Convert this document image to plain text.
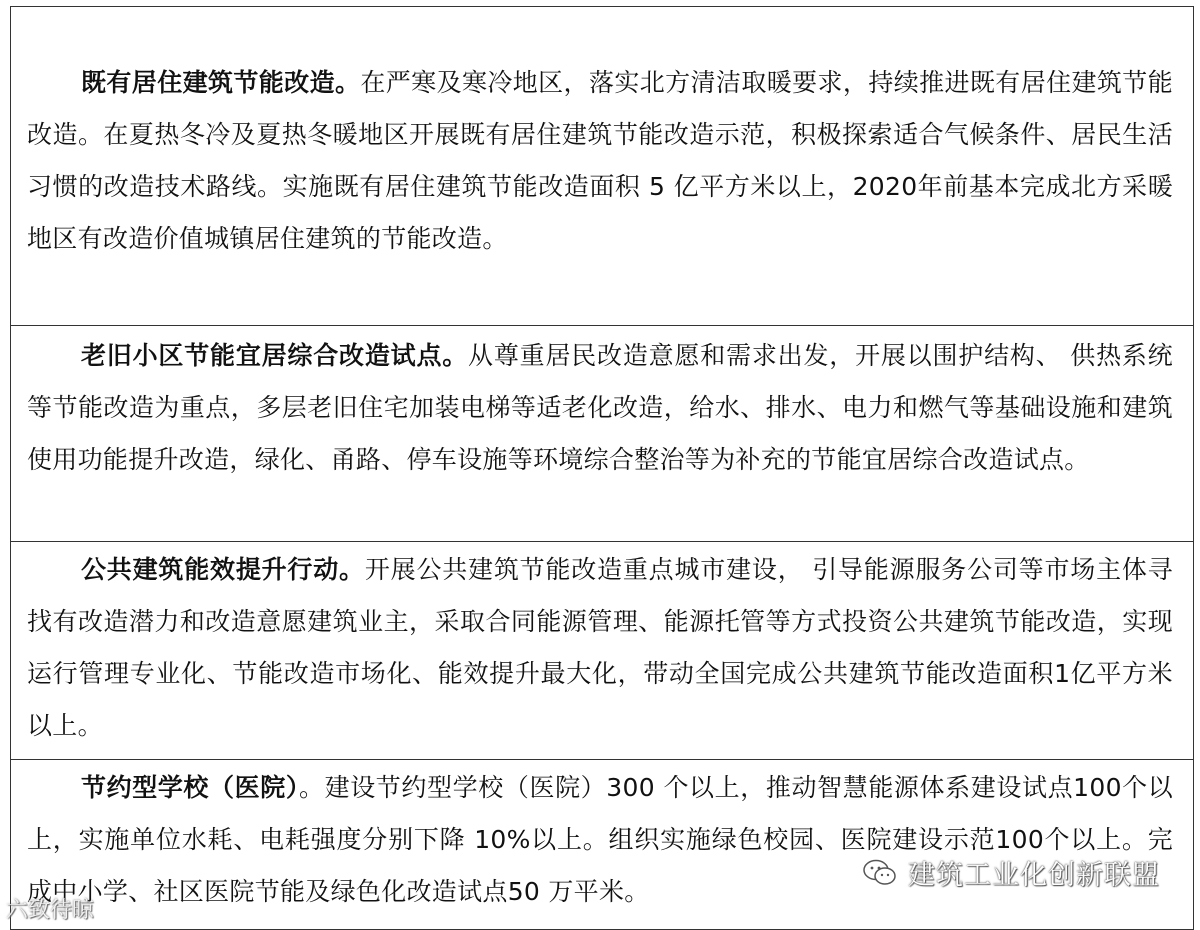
既有居住建筑节能改造。在严寒及寒冷地区，落实北方清洁取暖要求，持续推进既有居住建筑节能改造。在夏热冬冷及夏热冬暖地区开展既有居住建筑节能改造示范，积极探索适合气候条件、居民生活习惯的改造技术路线。实施既有居住建筑节能改造面积 5 亿平方米以上，2020年前基本完成北方采暖地区有改造价值城镇居住建筑的节能改造。

老旧小区节能宜居综合改造试点。从尊重居民改造意愿和需求出发，开展以围护结构、 供热系统等节能改造为重点，多层老旧住宅加装电梯等适老化改造，给水、排水、电力和燃气等基础设施和建筑使用功能提升改造，绿化、甬路、停车设施等环境综合整治等为补充的节能宜居综合改造试点。

公共建筑能效提升行动。开展公共建筑节能改造重点城市建设， 引导能源服务公司等市场主体寻找有改造潜力和改造意愿建筑业主，采取合同能源管理、能源托管等方式投资公共建筑节能改造，实现运行管理专业化、节能改造市场化、能效提升最大化，带动全国完成公共建筑节能改造面积1亿平方米以上。

节约型学校（医院）。建设节约型学校（医院）300 个以上，推动智慧能源体系建设试点100个以上，实施单位水耗、电耗强度分别下降 10%以上。组织实施绿色校园、医院建设示范100个以上。完成中小学、社区医院节能及绿色化改造试点50 万平米。

建筑工业化创新联盟
六致待晾
